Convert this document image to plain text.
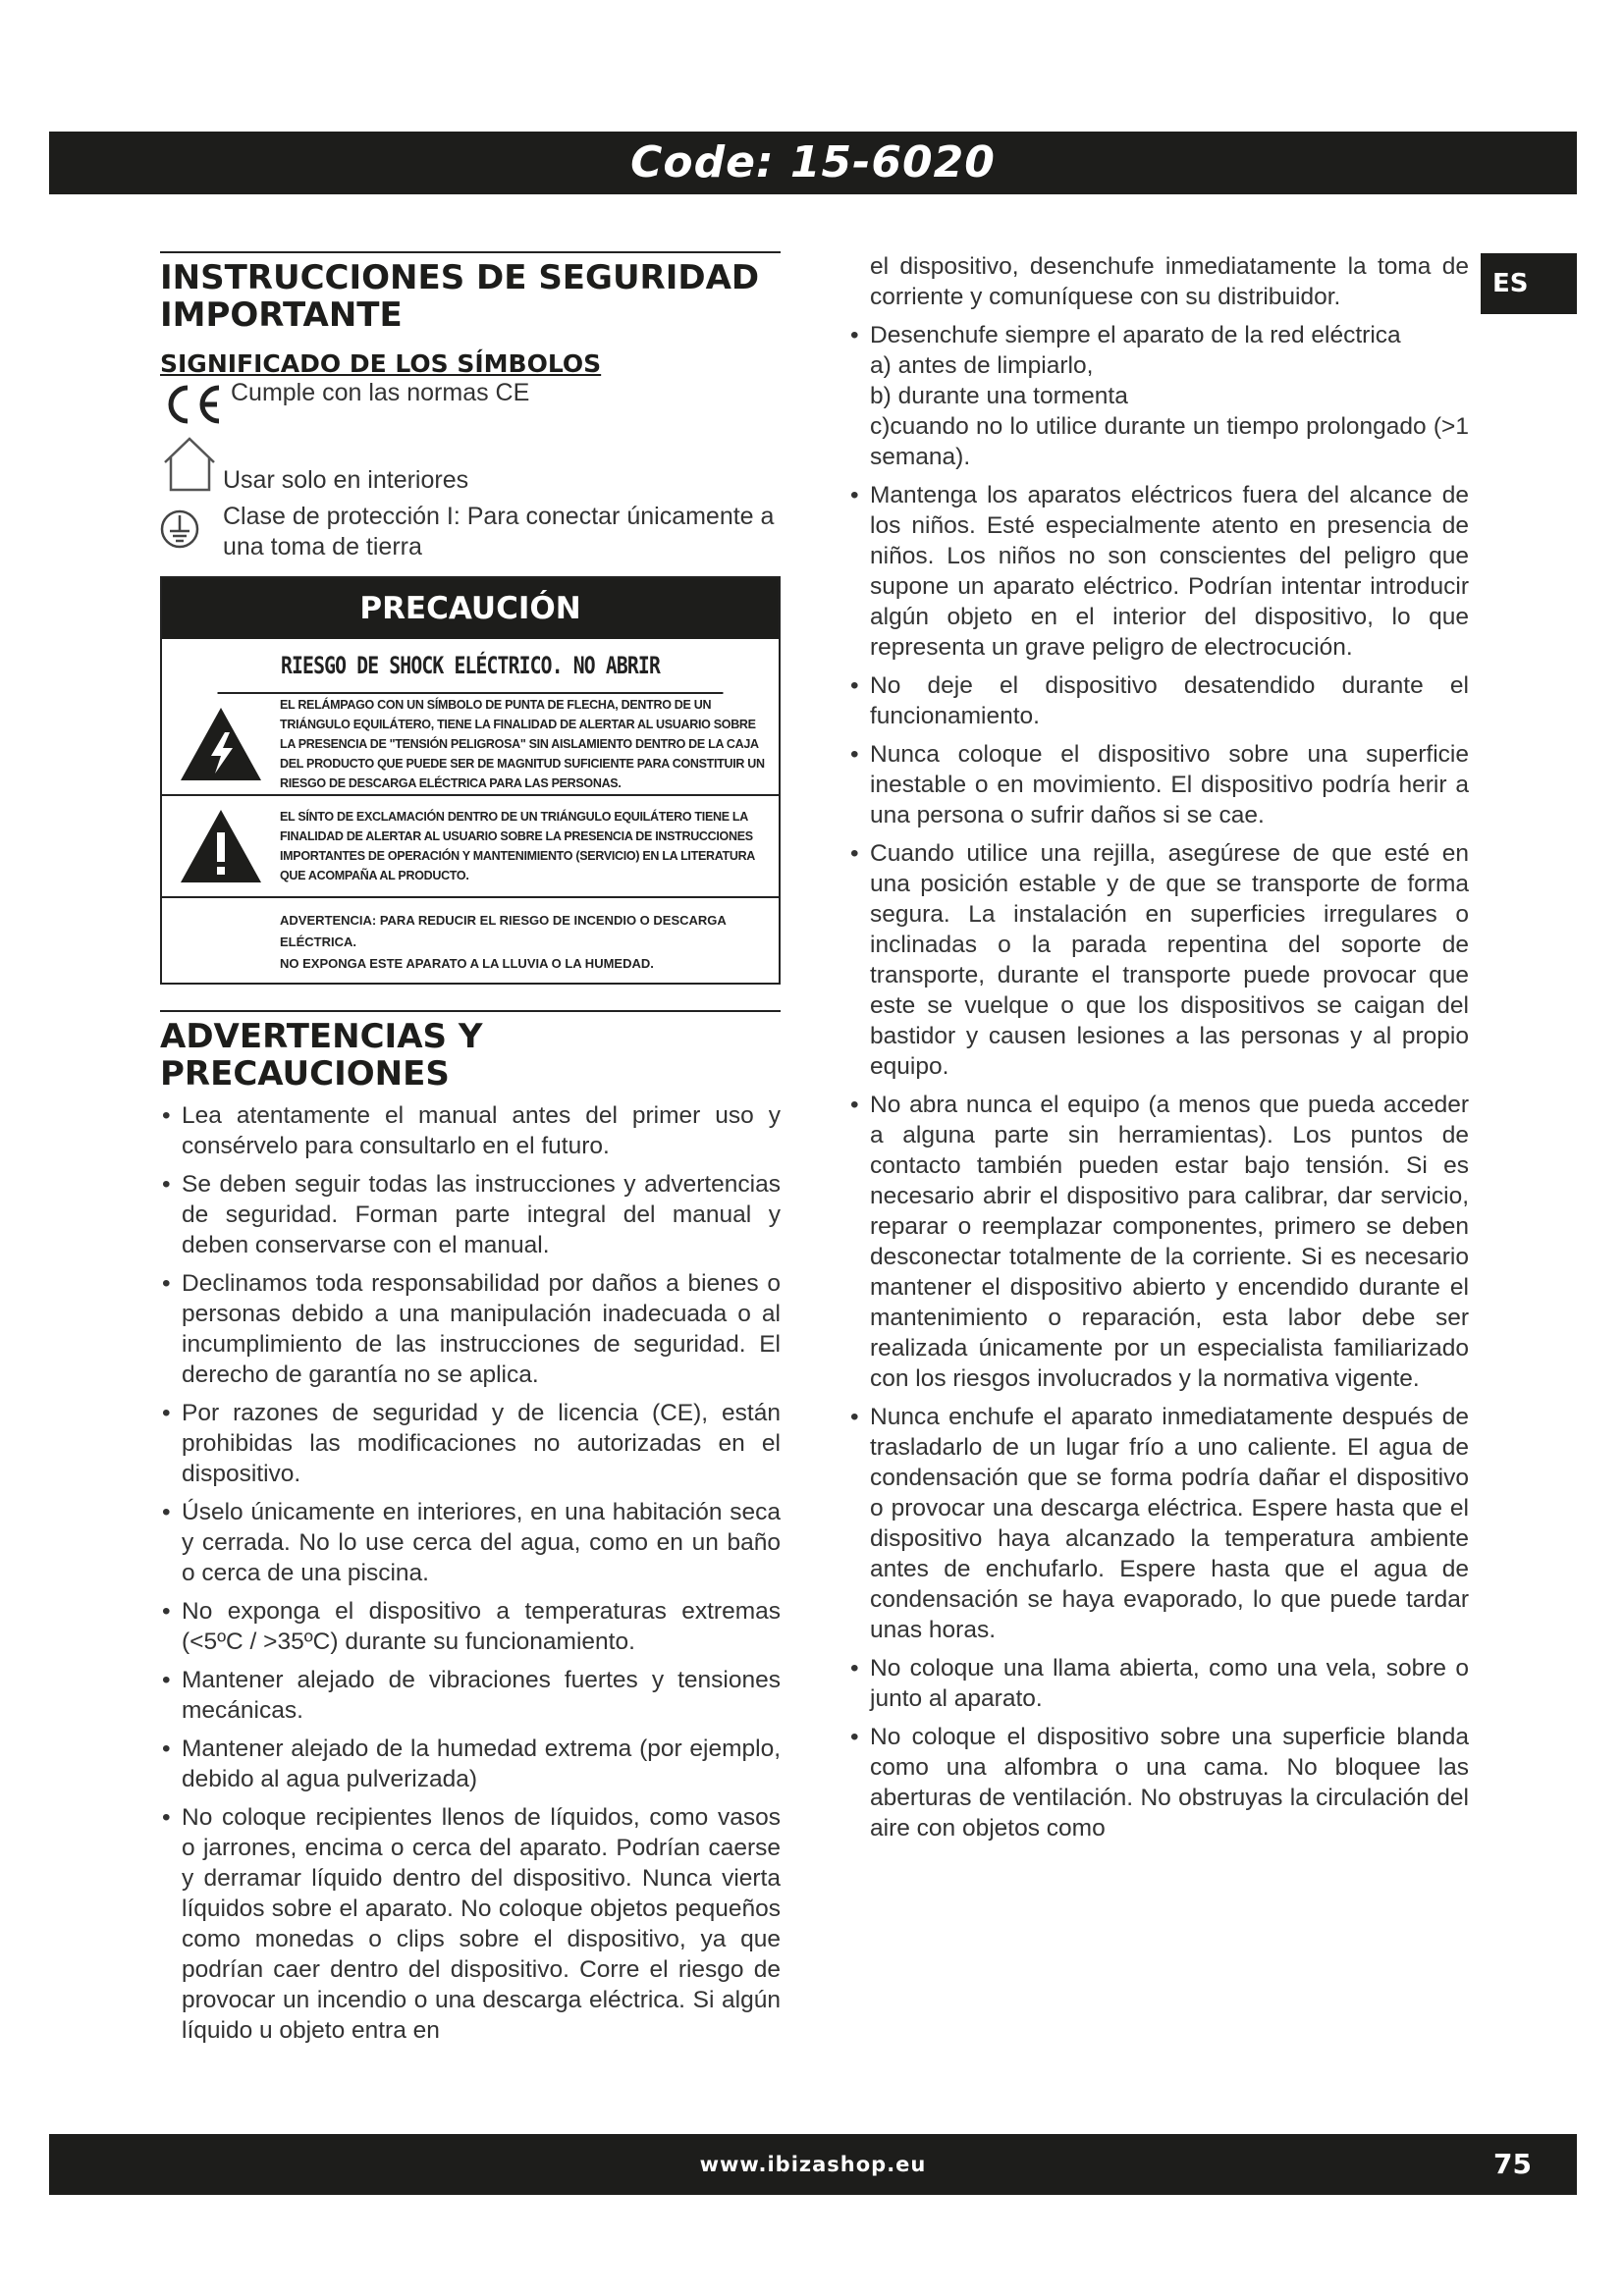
Code: 15-6020
ES
INSTRUCCIONES DE SEGURIDAD IMPORTANTE
SIGNIFICADO DE LOS SÍMBOLOS
Cumple con las normas CE
Usar solo en interiores
Clase de protección I: Para conectar únicamente a una toma de tierra
PRECAUCIÓN
RIESGO DE SHOCK ELÉCTRICO. NO ABRIR
EL RELÁMPAGO CON UN SÍMBOLO DE PUNTA DE FLECHA, DENTRO DE UN TRIÁNGULO EQUILÁTERO, TIENE LA FINALIDAD DE ALERTAR AL USUARIO SOBRE LA PRESENCIA DE "TENSIÓN PELIGROSA" SIN AISLAMIENTO DENTRO DE LA CAJA DEL PRODUCTO QUE PUEDE SER DE MAGNITUD SUFICIENTE PARA CONSTITUIR UN RIESGO DE DESCARGA ELÉCTRICA PARA LAS PERSONAS.
EL SÍNTO DE EXCLAMACIÓN DENTRO DE UN TRIÁNGULO EQUILÁTERO TIENE LA FINALIDAD DE ALERTAR AL USUARIO SOBRE LA PRESENCIA DE INSTRUCCIONES IMPORTANTES DE OPERACIÓN Y MANTENIMIENTO (SERVICIO) EN LA LITERATURA QUE ACOMPAÑA AL PRODUCTO.
ADVERTENCIA: PARA REDUCIR EL RIESGO DE INCENDIO O DESCARGA ELÉCTRICA.
NO EXPONGA ESTE APARATO A LA LLUVIA O LA HUMEDAD.
ADVERTENCIAS Y PRECAUCIONES
• Lea atentamente el manual antes del primer uso y consérvelo para consultarlo en el futuro.
• Se deben seguir todas las instrucciones y advertencias de seguridad. Forman parte integral del manual y deben conservarse con el manual.
• Declinamos toda responsabilidad por daños a bienes o personas debido a una manipulación inadecuada o al incumplimiento de las instrucciones de seguridad. El derecho de garantía no se aplica.
• Por razones de seguridad y de licencia (CE), están prohibidas las modificaciones no autorizadas en el dispositivo.
• Úselo únicamente en interiores, en una habitación seca y cerrada. No lo use cerca del agua, como en un baño o cerca de una piscina.
• No exponga el dispositivo a temperaturas extremas (<5ºC / >35ºC) durante su funcionamiento.
• Mantener alejado de vibraciones fuertes y tensiones mecánicas.
• Mantener alejado de la humedad extrema (por ejemplo, debido al agua pulverizada)
• No coloque recipientes llenos de líquidos, como vasos o jarrones, encima o cerca del aparato. Podrían caerse y derramar líquido dentro del dispositivo. Nunca vierta líquidos sobre el aparato. No coloque objetos pequeños como monedas o clips sobre el dispositivo, ya que podrían caer dentro del dispositivo. Corre el riesgo de provocar un incendio o una descarga eléctrica. Si algún líquido u objeto entra en
el dispositivo, desenchufe inmediatamente la toma de corriente y comuníquese con su distribuidor.
• Desenchufe siempre el aparato de la red eléctrica
a) antes de limpiarlo,
b) durante una tormenta
c)cuando no lo utilice durante un tiempo prolongado (>1 semana).
• Mantenga los aparatos eléctricos fuera del alcance de los niños. Esté especialmente atento en presencia de niños. Los niños no son conscientes del peligro que supone un aparato eléctrico. Podrían intentar introducir algún objeto en el interior del dispositivo, lo que representa un grave peligro de electrocución.
• No deje el dispositivo desatendido durante el funcionamiento.
• Nunca coloque el dispositivo sobre una superficie inestable o en movimiento. El dispositivo podría herir a una persona o sufrir daños si se cae.
• Cuando utilice una rejilla, asegúrese de que esté en una posición estable y de que se transporte de forma segura. La instalación en superficies irregulares o inclinadas o la parada repentina del soporte de transporte, durante el transporte puede provocar que este se vuelque o que los dispositivos se caigan del bastidor y causen lesiones a las personas y al propio equipo.
• No abra nunca el equipo (a menos que pueda acceder a alguna parte sin herramientas). Los puntos de contacto también pueden estar bajo tensión. Si es necesario abrir el dispositivo para calibrar, dar servicio, reparar o reemplazar componentes, primero se deben desconectar totalmente de la corriente. Si es necesario mantener el dispositivo abierto y encendido durante el mantenimiento o reparación, esta labor debe ser realizada únicamente por un especialista familiarizado con los riesgos involucrados y la normativa vigente.
• Nunca enchufe el aparato inmediatamente después de trasladarlo de un lugar frío a uno caliente. El agua de condensación que se forma podría dañar el dispositivo o provocar una descarga eléctrica. Espere hasta que el dispositivo haya alcanzado la temperatura ambiente antes de enchufarlo. Espere hasta que el agua de condensación se haya evaporado, lo que puede tardar unas horas.
• No coloque una llama abierta, como una vela, sobre o junto al aparato.
• No coloque el dispositivo sobre una superficie blanda como una alfombra o una cama. No bloquee las aberturas de ventilación. No obstruyas la circulación del aire con objetos como
www.ibizashop.eu	75
